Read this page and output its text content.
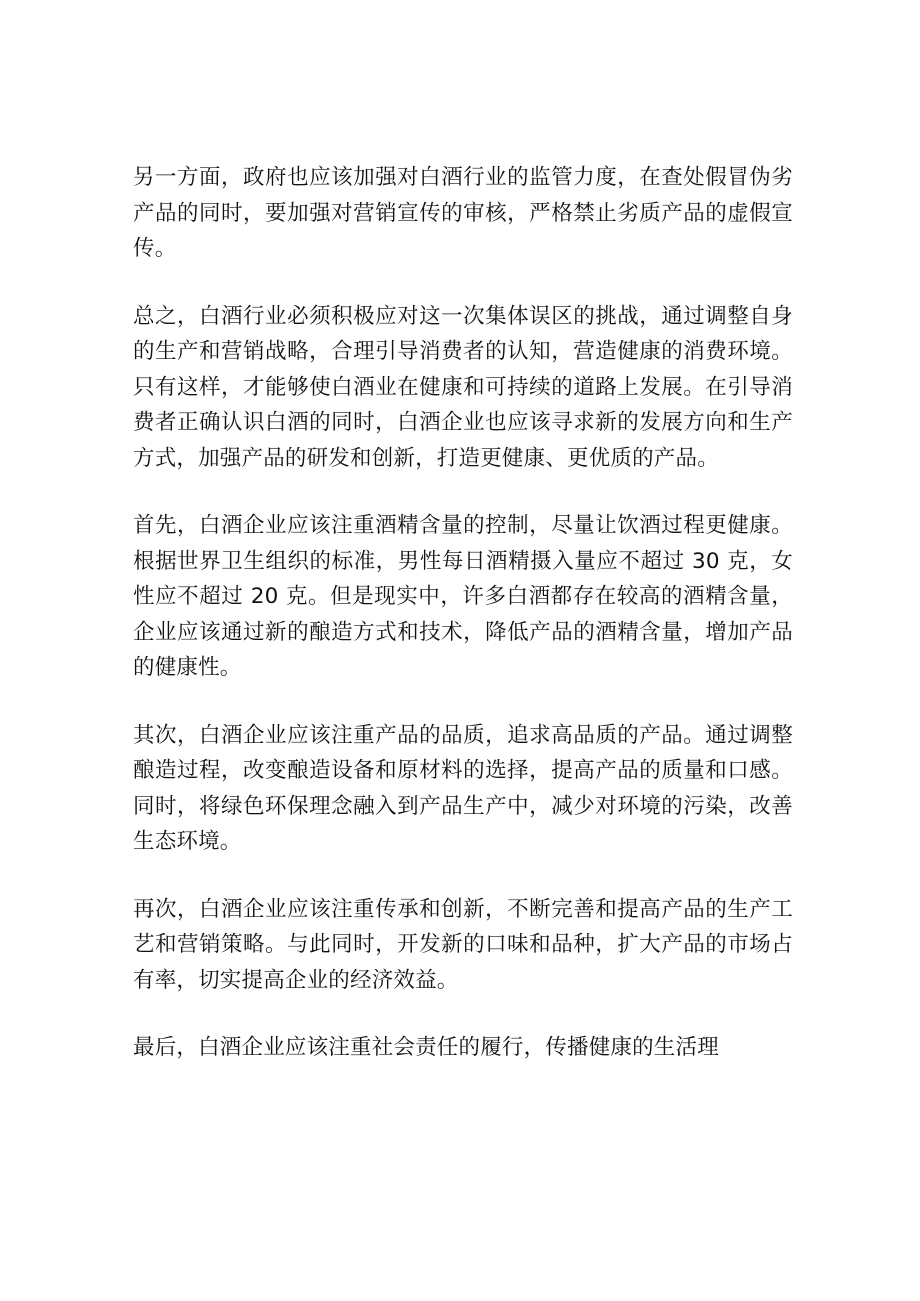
另一方面，政府也应该加强对白酒行业的监管力度，在查处假冒伪劣产品的同时，要加强对营销宣传的审核，严格禁止劣质产品的虚假宣传。

总之，白酒行业必须积极应对这一次集体误区的挑战，通过调整自身的生产和营销战略，合理引导消费者的认知，营造健康的消费环境。只有这样，才能够使白酒业在健康和可持续的道路上发展。在引导消费者正确认识白酒的同时，白酒企业也应该寻求新的发展方向和生产方式，加强产品的研发和创新，打造更健康、更优质的产品。

首先，白酒企业应该注重酒精含量的控制，尽量让饮酒过程更健康。根据世界卫生组织的标准，男性每日酒精摄入量应不超过 30 克，女性应不超过 20 克。但是现实中，许多白酒都存在较高的酒精含量，企业应该通过新的酿造方式和技术，降低产品的酒精含量，增加产品的健康性。

其次，白酒企业应该注重产品的品质，追求高品质的产品。通过调整酿造过程，改变酿造设备和原材料的选择，提高产品的质量和口感。同时，将绿色环保理念融入到产品生产中，减少对环境的污染，改善生态环境。

再次，白酒企业应该注重传承和创新，不断完善和提高产品的生产工艺和营销策略。与此同时，开发新的口味和品种，扩大产品的市场占有率，切实提高企业的经济效益。

最后，白酒企业应该注重社会责任的履行，传播健康的生活理
